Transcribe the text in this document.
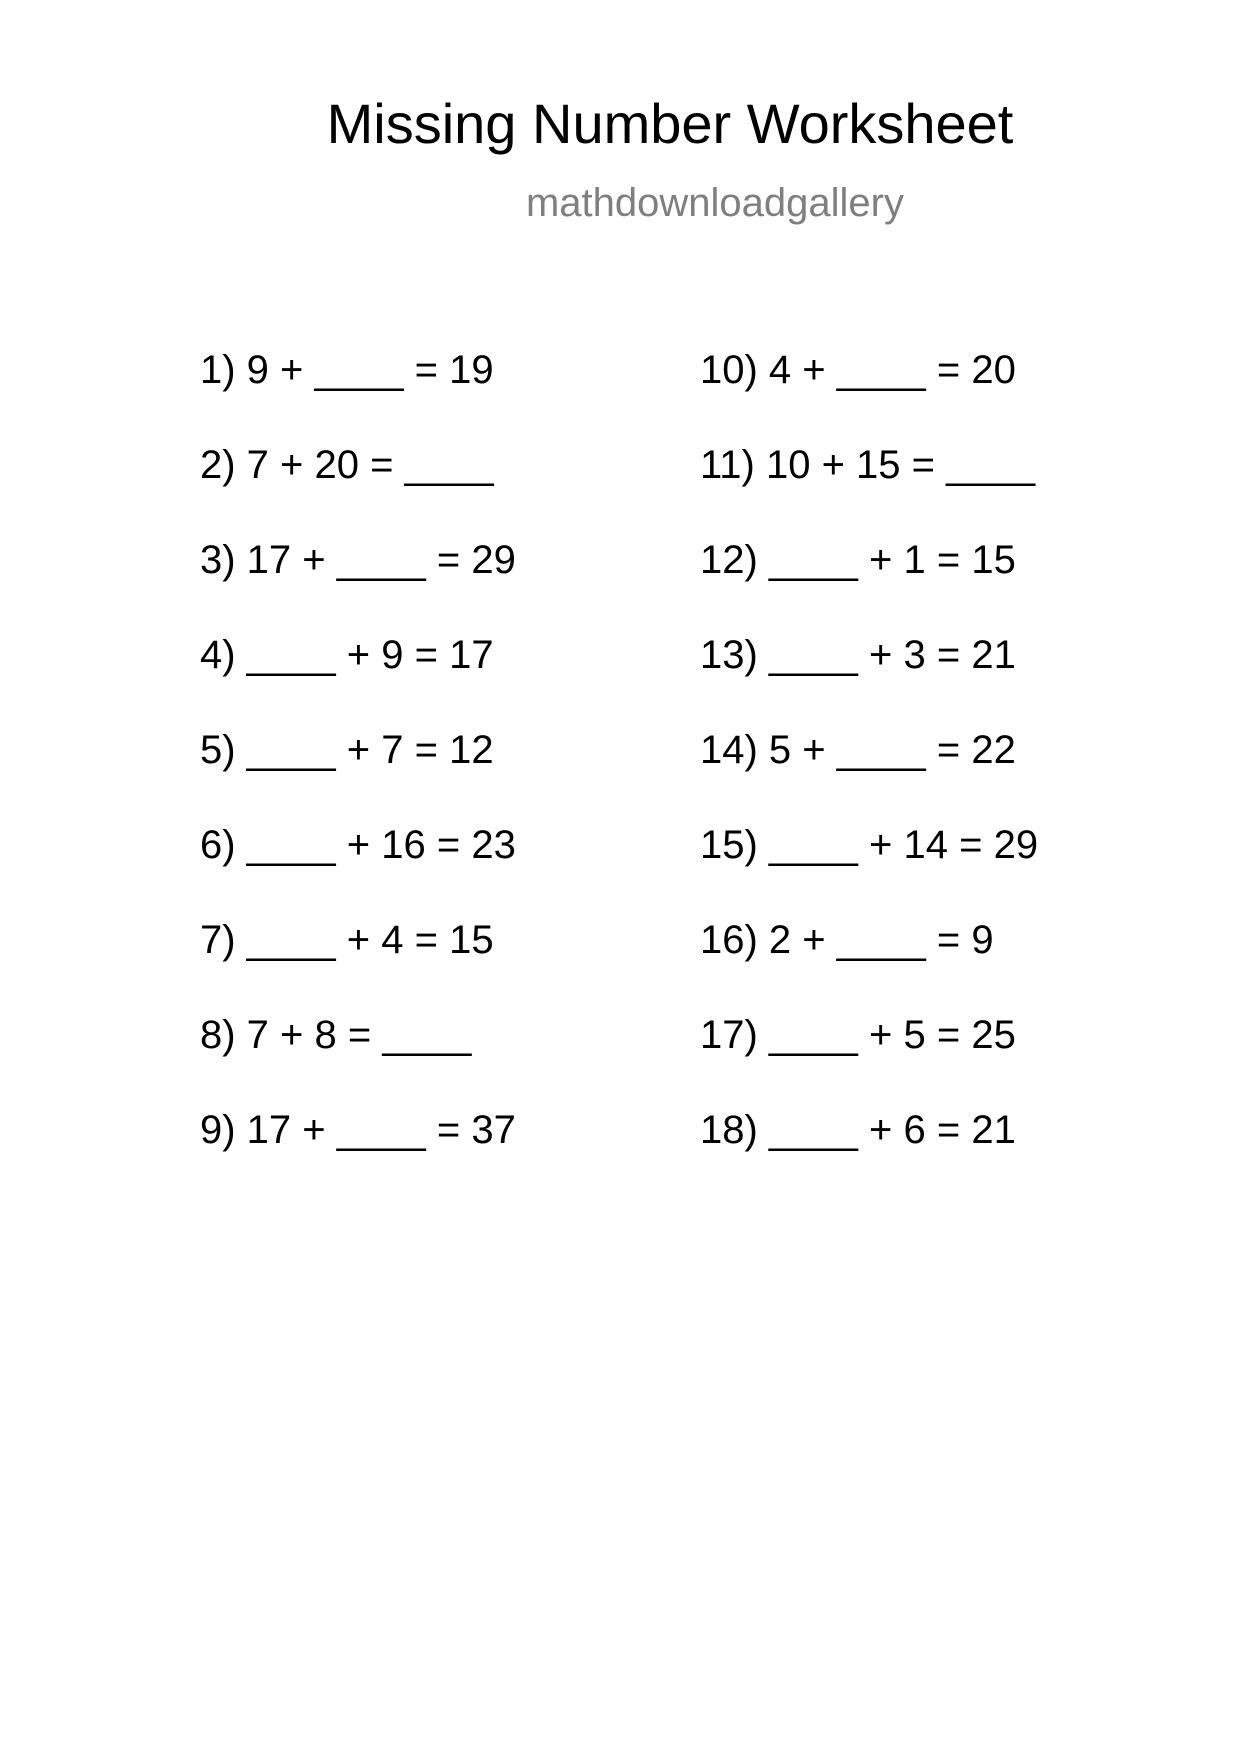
Missing Number Worksheet
mathdownloadgallery
1) 9 + ____ = 19
2) 7 + 20 = ____
3) 17 + ____ = 29
4) ____ + 9 = 17
5) ____ + 7 = 12
6) ____ + 16 = 23
7) ____ + 4 = 15
8) 7 + 8 = ____
9) 17 + ____ = 37
10) 4 + ____ = 20
11) 10 + 15 = ____
12) ____ + 1 = 15
13) ____ + 3 = 21
14) 5 + ____ = 22
15) ____ + 14 = 29
16) 2 + ____ = 9
17) ____ + 5 = 25
18) ____ + 6 = 21
